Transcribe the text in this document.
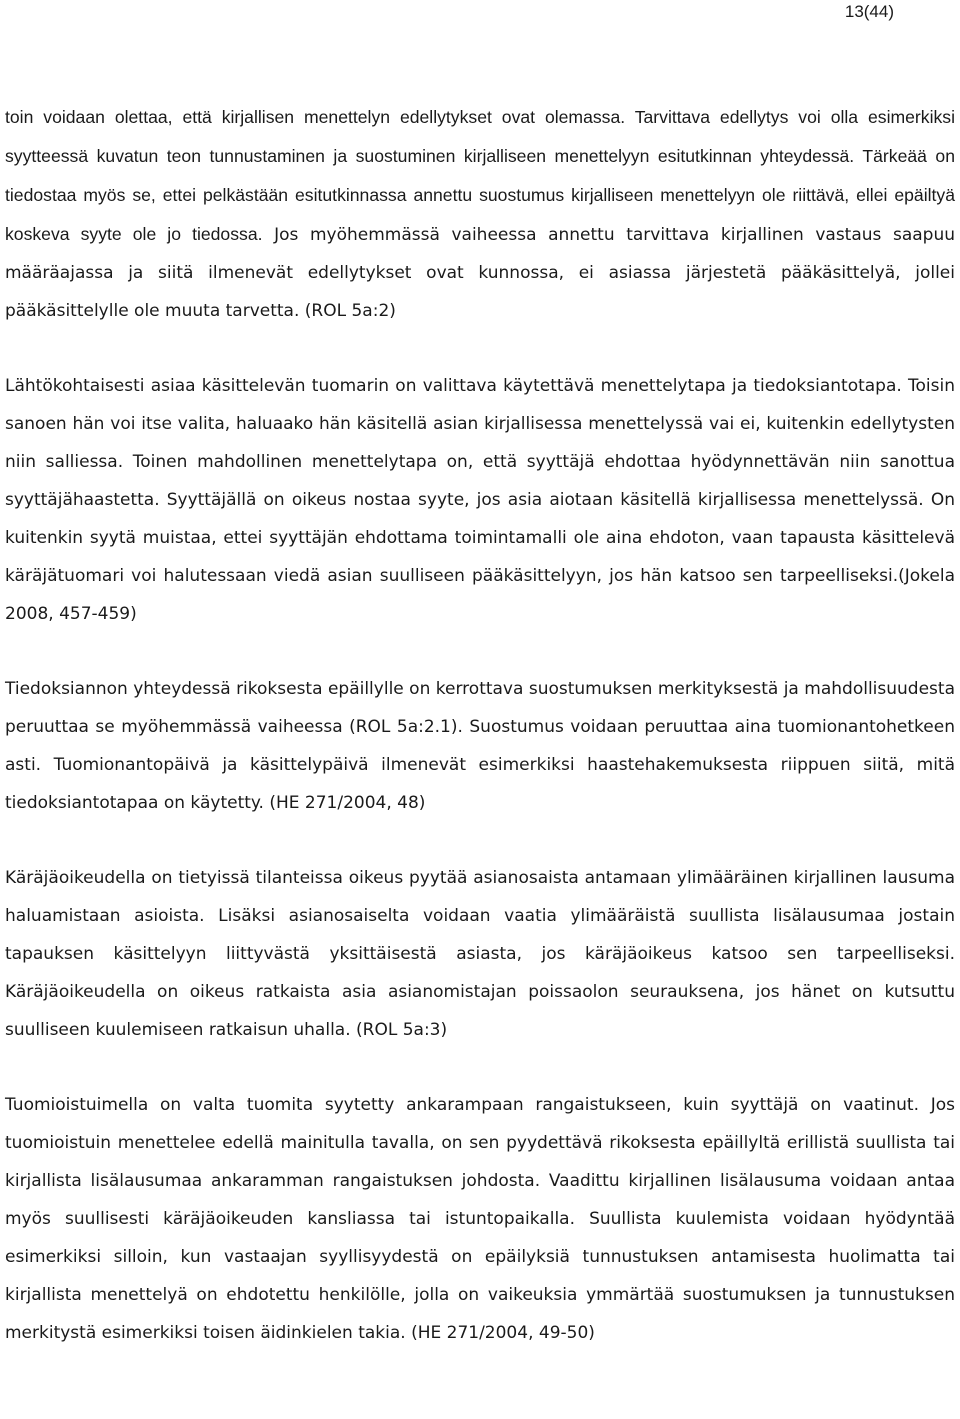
13(44)

toin voidaan olettaa, että kirjallisen menettelyn edellytykset ovat olemassa. Tarvittava edellytys voi olla esimerkiksi syytteessä kuvatun teon tunnustaminen ja suostuminen kirjalliseen menettelyyn esitutkinnan yhteydessä. Tärkeää on tiedostaa myös se, ettei pelkästään esitutkinnassa annettu suostumus kirjalliseen menettelyyn ole riittävä, ellei epäiltyä koskeva syyte ole jo tiedossa. Jos myöhemmässä vaiheessa annettu tarvittava kirjallinen vastaus saapuu määräajassa ja siitä ilmenevät edellytykset ovat kunnossa, ei asiassa järjestetä pääkäsittelyä, jollei pääkäsittelylle ole muuta tarvetta. (ROL 5a:2)

Lähtökohtaisesti asiaa käsittelevän tuomarin on valittava käytettävä menettelytapa ja tiedoksiantotapa. Toisin sanoen hän voi itse valita, haluaako hän käsitellä asian kirjallisessa menettelyssä vai ei, kuitenkin edellytysten niin salliessa. Toinen mahdollinen menettelytapa on, että syyttäjä ehdottaa hyödynnettävän niin sanottua syyttäjähaastetta. Syyttäjällä on oikeus nostaa syyte, jos asia aiotaan käsitellä kirjallisessa menettelyssä. On kuitenkin syytä muistaa, ettei syyttäjän ehdottama toimintamalli ole aina ehdoton, vaan tapausta käsittelevä käräjätuomari voi halutessaan viedä asian suulliseen pääkäsittelyyn, jos hän katsoo sen tarpeelliseksi.(Jokela 2008, 457-459)

Tiedoksiannon yhteydessä rikoksesta epäillylle on kerrottava suostumuksen merkityksestä ja mahdollisuudesta peruuttaa se myöhemmässä vaiheessa (ROL 5a:2.1). Suostumus voidaan peruuttaa aina tuomionantohetkeen asti. Tuomionantopäivä ja käsittelypäivä ilmenevät esimerkiksi haastehakemuksesta riippuen siitä, mitä tiedoksiantotapaa on käytetty. (HE 271/2004, 48)

Käräjäoikeudella on tietyissä tilanteissa oikeus pyytää asianosaista antamaan ylimääräinen kirjallinen lausuma haluamistaan asioista. Lisäksi asianosaiselta voidaan vaatia ylimääräistä suullista lisälausumaa jostain tapauksen käsittelyyn liittyvästä yksittäisestä asiasta, jos käräjäoikeus katsoo sen tarpeelliseksi. Käräjäoikeudella on oikeus ratkaista asia asianomistajan poissaolon seurauksena, jos hänet on kutsuttu suulliseen kuulemiseen ratkaisun uhalla. (ROL 5a:3)

Tuomioistuimella on valta tuomita syytetty ankarampaan rangaistukseen, kuin syyttäjä on vaatinut. Jos tuomioistuin menettelee edellä mainitulla tavalla, on sen pyydettävä rikoksesta epäillyltä erillistä suullista tai kirjallista lisälausumaa ankaramman rangaistuksen johdosta. Vaadittu kirjallinen lisälausuma voidaan antaa myös suullisesti käräjäoikeuden kansliassa tai istuntopaikalla. Suullista kuulemista voidaan hyödyntää esimerkiksi silloin, kun vastaajan syyllisyydestä on epäilyksiä tunnustuksen antamisesta huolimatta tai kirjallista menettelyä on ehdotettu henkilölle, jolla on vaikeuksia ymmärtää suostumuksen ja tunnustuksen merkitystä esimerkiksi toisen äidinkielen takia. (HE 271/2004, 49-50)
